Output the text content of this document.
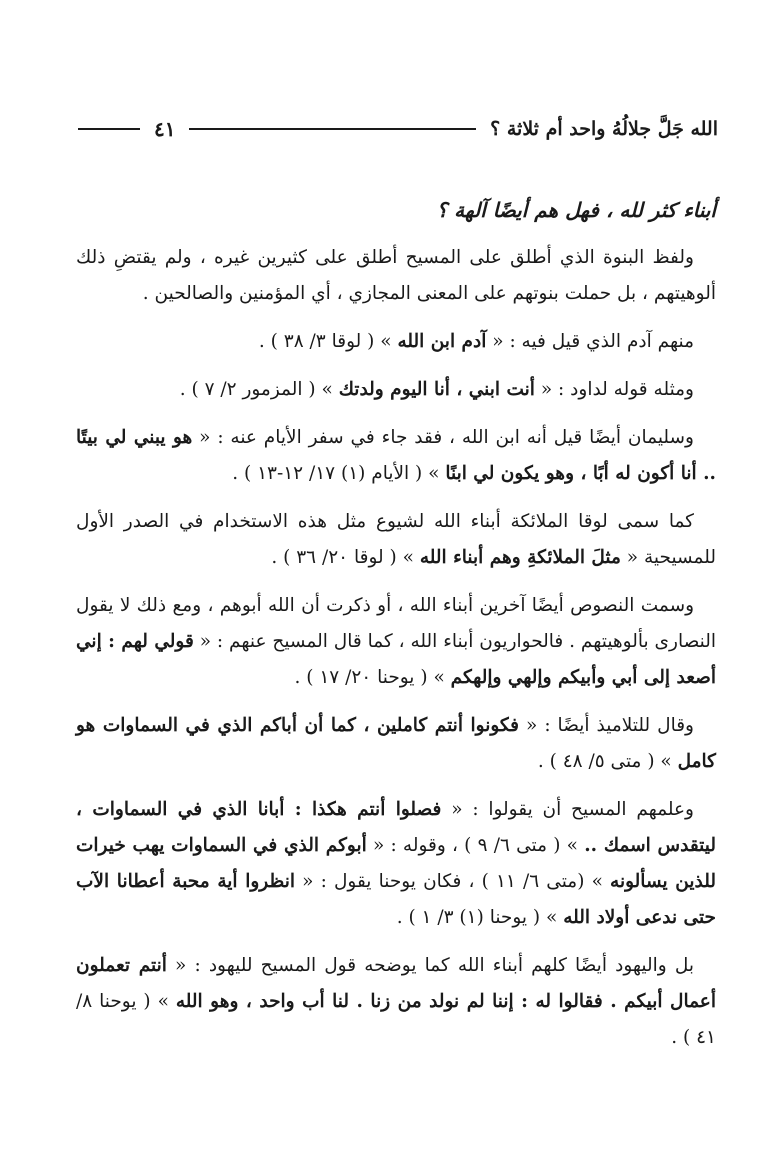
الله جَلَّ جلالُهُ واحد أم ثلاثة ؟
٤١
أبناء كثر لله ، فهل هم أيضًا آلهة ؟

ولفظ البنوة الذي أطلق على المسيح أطلق على كثيرين غيره ، ولم يقتضِ ذلك ألوهيتهم ، بل حملت بنوتهم على المعنى المجازي ، أي المؤمنين والصالحين .

منهم آدم الذي قيل فيه : « آدم ابن الله » ( لوقا ٣/ ٣٨ ) .

ومثله قوله لداود : « أنت ابني ، أنا اليوم ولدتك » ( المزمور ٢/ ٧ ) .

وسليمان أيضًا قيل أنه ابن الله ، فقد جاء في سفر الأيام عنه : « هو يبني لي بيتًا .. أنا أكون له أبًا ، وهو يكون لي ابنًا » ( الأيام (١) ١٧/ ١٢-١٣ ) .

كما سمى لوقا الملائكة أبناء الله لشيوع مثل هذه الاستخدام في الصدر الأول للمسيحية « مثلَ الملائكةِ وهم أبناء الله » ( لوقا ٢٠/ ٣٦ ) .

وسمت النصوص أيضًا آخرين أبناء الله ، أو ذكرت أن الله أبوهم ، ومع ذلك لا يقول النصارى بألوهيتهم . فالحواريون أبناء الله ، كما قال المسيح عنهم : « قولي لهم : إني أصعد إلى أبي وأبيكم وإلهي وإلهكم » ( يوحنا ٢٠/ ١٧ ) .

وقال للتلاميذ أيضًا : « فكونوا أنتم كاملين ، كما أن أباكم الذي في السماوات هو كامل » ( متى ٥/ ٤٨ ) .

وعلمهم المسيح أن يقولوا : « فصلوا أنتم هكذا : أبانا الذي في السماوات ، ليتقدس اسمك .. » ( متى ٦/ ٩ ) ، وقوله : « أبوكم الذي في السماوات يهب خيرات للذين يسألونه » (متى ٦/ ١١ ) ، فكان يوحنا يقول : « انظروا أية محبة أعطانا الآب حتى ندعى أولاد الله » ( يوحنا (١) ٣/ ١ ) .

بل واليهود أيضًا كلهم أبناء الله كما يوضحه قول المسيح لليهود : « أنتم تعملون أعمال أبيكم . فقالوا له : إننا لم نولد من زنا . لنا أب واحد ، وهو الله » ( يوحنا ٨/ ٤١ ) .
